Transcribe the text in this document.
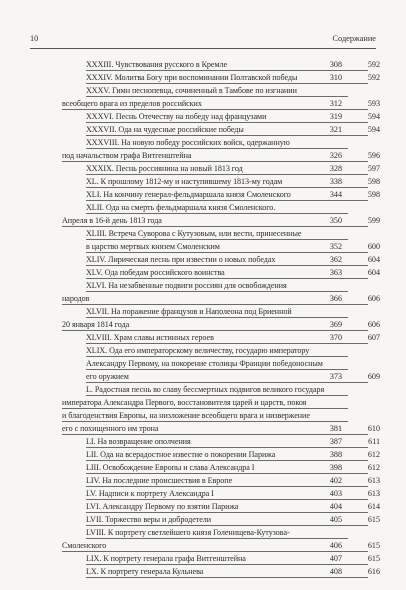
10	Содержание
XXXIII. Чувствования русского в Кремле	308	592
XXXIV. Молитва Богу при воспоминании Полтавской победы	310	592
XXXV. Гимн песнопевца, сочиненный в Тамбове по изгнании
всеобщего врага из пределов российских	312	593
XXXVI. Песнь Отечеству на победу над французами	319	594
XXXVII. Ода на чудесные российские победы	321	594
XXXVIII. На новую победу российских войск, одержанную
под начальством графа Витгенштейна	326	596
XXXIX. Песнь россиянина на новый 1813 год	328	597
XL. К прошлому 1812-му и наступившему 1813-му годам	338	598
XLI. На кончину генерал-фельдмаршала князя Смоленского	344	598
XLII. Ода на смерть фельдмаршала князя Смоленского.
Апреля в 16-й день 1813 года	350	599
XLIII. Встреча Суворова с Кутузовым, или вести, принесенные
в царство мертвых князем Смоленским	352	600
XLIV. Лирическая песнь при известии о новых победах	362	604
XLV. Ода победам российского воинства	363	604
XLVI. На незабвенные подвиги россиян для освобождения
народов	366	606
XLVII. На поражение французов и Наполеона под Бриенной
20 января 1814 года	369	606
XLVIII. Храм славы истинных героев	370	607
XLIX. Ода его императорскому величеству, государю императору
Александру Первому, на покорение столицы Франции победоносным
его оружием	373	609
L. Радостная песнь во славу бессмертных подвигов великого государя
императора Александра Первого, восстановителя царей и царств, покоя
и благоденствия Европы, на низложение всеобщего врага и низвержение
его с похищенного им трона	381	610
LI. На возвращение ополчения	387	611
LII. Ода на всерадостное известие о покорении Парижа	388	612
LIII. Освобождение Европы и слава Александра I	398	612
LIV. На последние происшествия в Европе	402	613
LV. Надписи к портрету Александра I	403	613
LVI. Александру Первому по взятии Парижа	404	614
LVII. Торжество веры и добродетели	405	615
LVIII. К портрету светлейшего князя Голенищева-Кутузова-
Смоленского	406	615
LIX. К портрету генерала графа Витгенштейна	407	615
LX. К портрету генерала Кульнева	408	616
